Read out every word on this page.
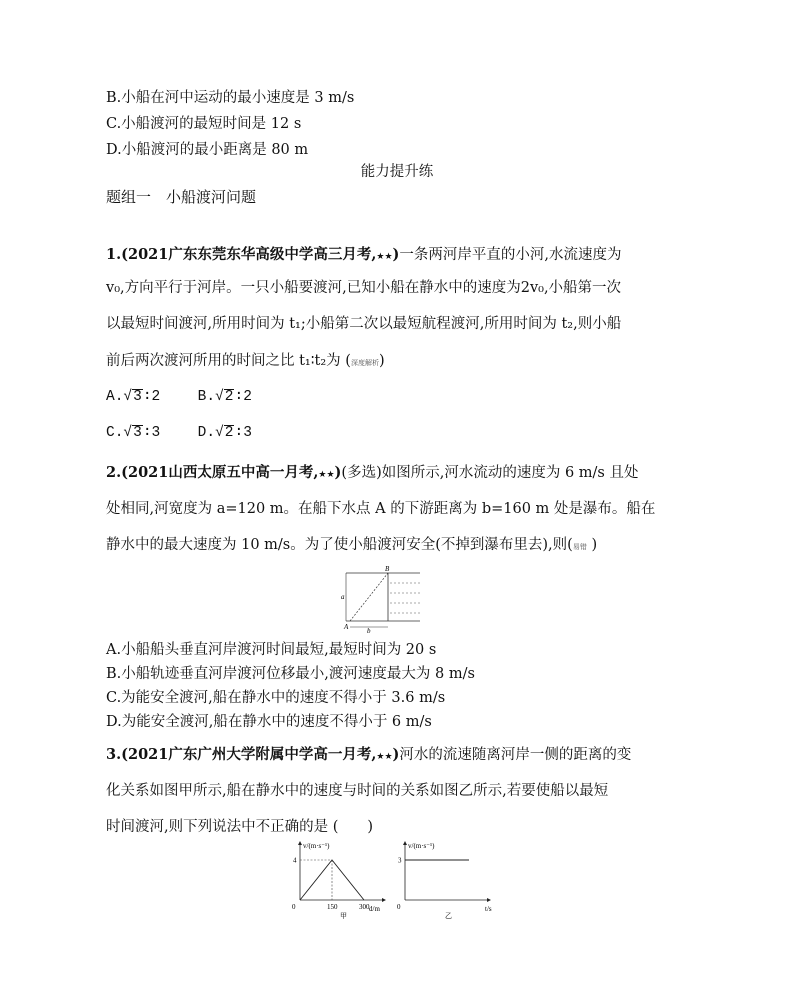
B.小船在河中运动的最小速度是 3 m/s
C.小船渡河的最短时间是 12 s
D.小船渡河的最小距离是 80 m
能力提升练
题组一　小船渡河问题
1.(2021广东东莞东华高级中学高三月考,★★)一条两河岸平直的小河,水流速度为
v₀,方向平行于河岸。一只小船要渡河,已知小船在静水中的速度为2v₀,小船第一次
以最短时间渡河,所用时间为 t₁;小船第二次以最短航程渡河,所用时间为 t₂,则小船
前后两次渡河所用的时间之比 t₁∶t₂为 (深度解析)
A.√3∶2	B.√2∶2
C.√3∶3	D.√2∶3
2.(2021山西太原五中高一月考,★★)(多选)如图所示,河水流动的速度为 6 m/s 且处
处相同,河宽度为 a=120 m。在船下水点 A 的下游距离为 b=160 m 处是瀑布。船在
静水中的最大速度为 10 m/s。为了使小船渡河安全(不掉到瀑布里去),则(易错 )
B
A
a
b
A.小船船头垂直河岸渡河时间最短,最短时间为 20 s
B.小船轨迹垂直河岸渡河位移最小,渡河速度最大为 8 m/s
C.为能安全渡河,船在静水中的速度不得小于 3.6 m/s
D.为能安全渡河,船在静水中的速度不得小于 6 m/s
3.(2021广东广州大学附属中学高一月考,★★)河水的流速随离河岸一侧的距离的变
化关系如图甲所示,船在静水中的速度与时间的关系如图乙所示,若要使船以最短
时间渡河,则下列说法中不正确的是 (　　)
v/(m·s⁻¹)
d/m
4
0	150	300
甲
v/(m·s⁻¹)
t/s
3
0
乙
